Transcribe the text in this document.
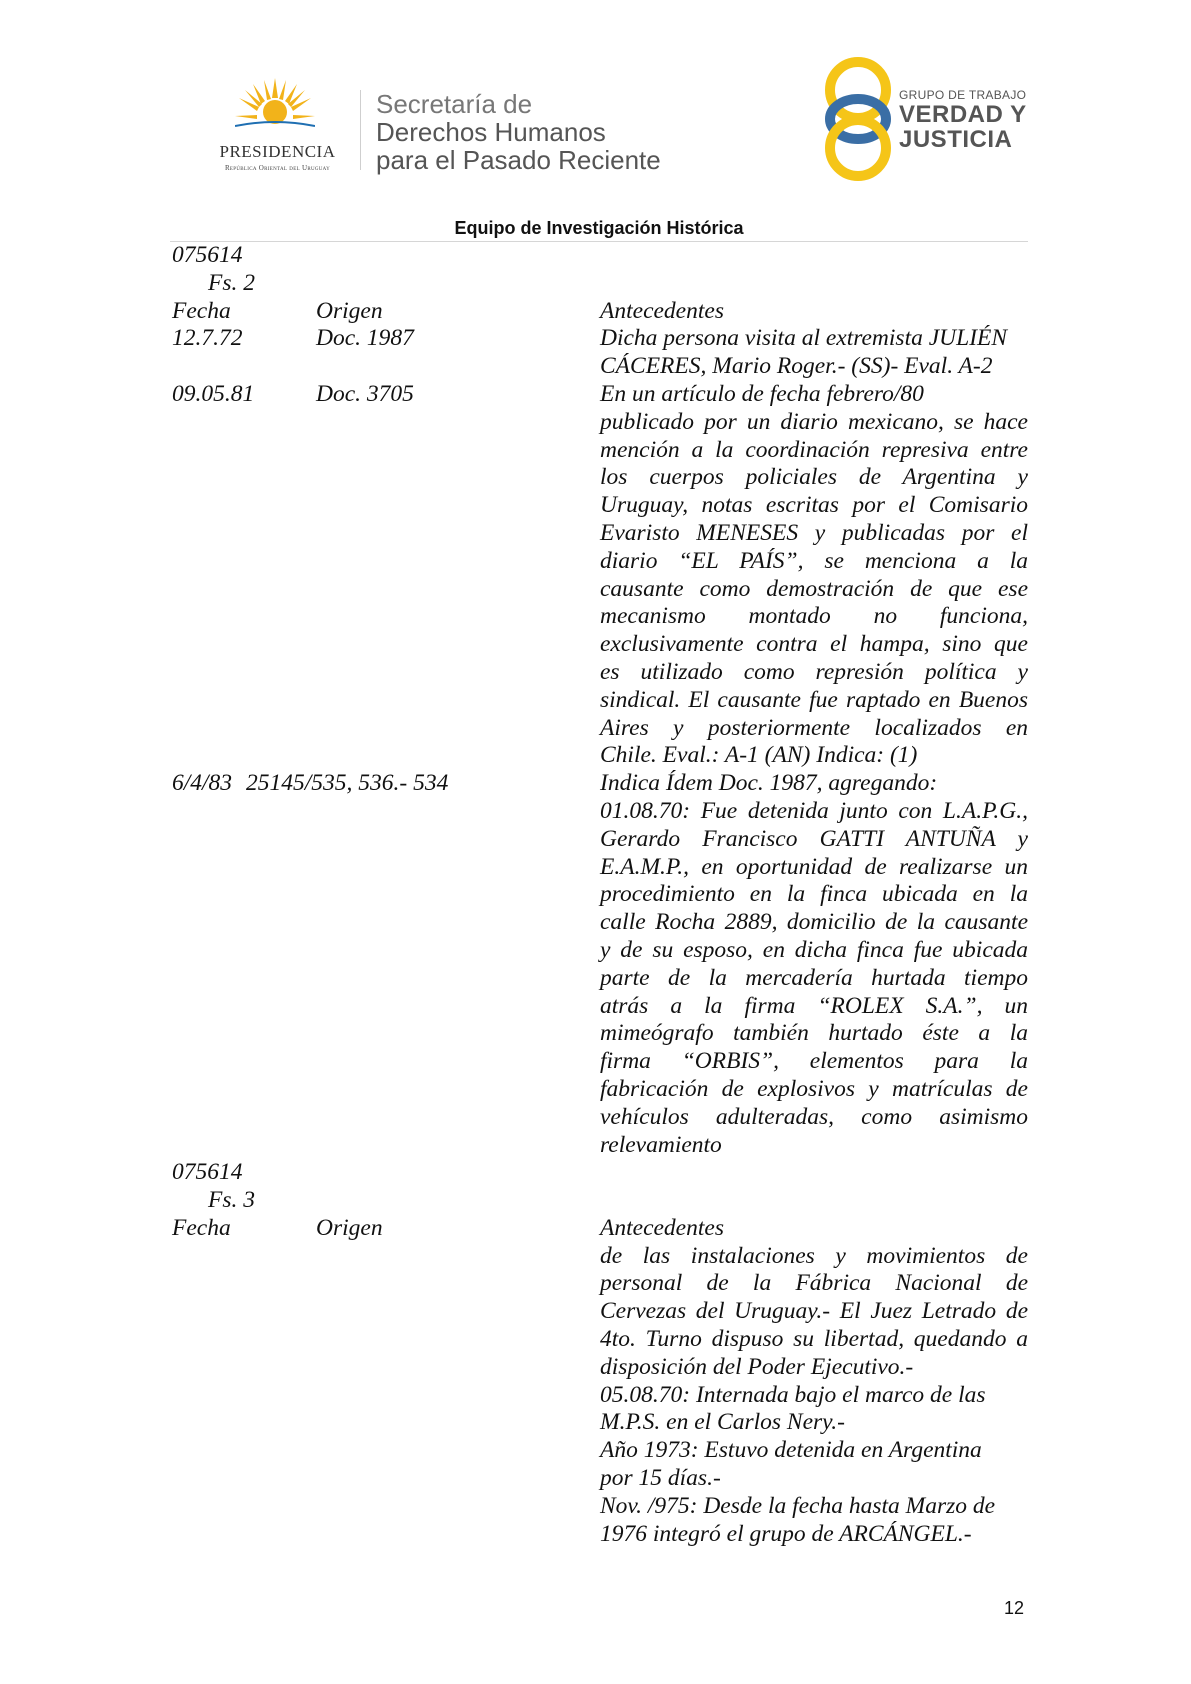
PRESIDENCIA
República Oriental del Uruguay
Secretaría de
Derechos Humanos
para el Pasado Reciente
GRUPO DE TRABAJO
VERDAD Y
JUSTICIA
Equipo de Investigación Histórica
075614
Fs. 2
Fecha	Origen	Antecedentes
12.7.72	Doc. 1987	Dicha persona visita al extremista JULIÉN
CÁCERES, Mario Roger.- (SS)- Eval. A-2
09.05.81	Doc. 3705	En un artículo de fecha febrero/80
publicado por un diario mexicano, se hace
mención a la coordinación represiva entre
los cuerpos policiales de Argentina y
Uruguay, notas escritas por el Comisario
Evaristo MENESES y publicadas por el
diario “EL PAÍS”, se menciona a la
causante como demostración de que ese
mecanismo montado no funciona,
exclusivamente contra el hampa, sino que
es utilizado como represión política y
sindical. El causante fue raptado en Buenos
Aires y posteriormente localizados en
Chile. Eval.: A-1 (AN) Indica: (1)
6/4/83 25145/535, 536.- 534	Indica Ídem Doc. 1987, agregando:
01.08.70: Fue detenida junto con L.A.P.G.,
Gerardo Francisco GATTI ANTUÑA y
E.A.M.P., en oportunidad de realizarse un
procedimiento en la finca ubicada en la
calle Rocha 2889, domicilio de la causante
y de su esposo, en dicha finca fue ubicada
parte de la mercadería hurtada tiempo
atrás a la firma “ROLEX S.A.”, un
mimeógrafo también hurtado éste a la
firma “ORBIS”, elementos para la
fabricación de explosivos y matrículas de
vehículos adulteradas, como asimismo
relevamiento
075614
Fs. 3
Fecha	Origen	Antecedentes
de las instalaciones y movimientos de
personal de la Fábrica Nacional de
Cervezas del Uruguay.- El Juez Letrado de
4to. Turno dispuso su libertad, quedando a
disposición del Poder Ejecutivo.-
05.08.70: Internada bajo el marco de las
M.P.S. en el Carlos Nery.-
Año 1973: Estuvo detenida en Argentina
por 15 días.-
Nov. /975: Desde la fecha hasta Marzo de
1976 integró el grupo de ARCÁNGEL.-
12
